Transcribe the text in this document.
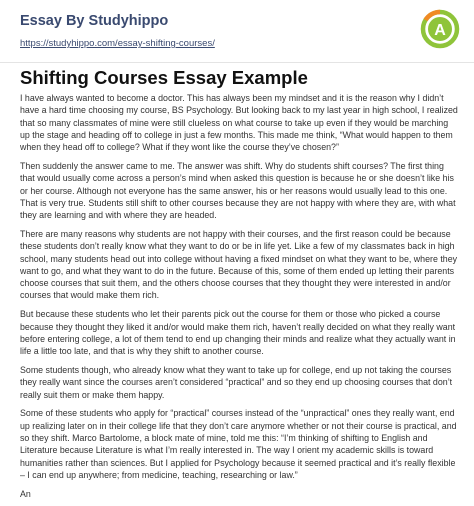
Essay By Studyhippo
https://studyhippo.com/essay-shifting-courses/
A
Shifting Courses Essay Example

I have always wanted to become a doctor. This has always been my mindset and it is the reason why I didn’t have a hard time choosing my course, BS Psychology. But looking back to my last year in high school, I realized that so many classmates of mine were still clueless on what course to take up even if they would be marching up the stage and heading off to college in just a few months. This made me think, “What would happen to them when they head off to college? What if they wont like the course they’ve chosen?”

Then suddenly the answer came to me. The answer was shift. Why do students shift courses? The first thing that would usually come across a person’s mind when asked this question is because he or she doesn’t like his or her course. Although not everyone has the same answer, his or her reasons would usually lead to this one. That is very true. Students still shift to other courses because they are not happy with where they are, with what they are learning and with where they are headed.

There are many reasons why students are not happy with their courses, and the first reason could be because these students don’t really know what they want to do or be in life yet. Like a few of my classmates back in high school, many students head out into college without having a fixed mindset on what they want to be, where they want to go, and what they want to do in the future. Because of this, some of them ended up letting their parents choose courses that suit them, and the others choose courses that they thought they were interested in and/or courses that would make them rich.

But because these students who let their parents pick out the course for them or those who picked a course because they thought they liked it and/or would make them rich, haven’t really decided on what they really want before entering college, a lot of them tend to end up changing their minds and realize what they actually want in life a little too late, and that is why they shift to another course.

Some students though, who already know what they want to take up for college, end up not taking the courses they really want since the courses aren’t considered “practical” and so they end up choosing courses that don’t really suit them or make them happy.

Some of these students who apply for “practical” courses instead of the “unpractical” ones they really want, end up realizing later on in their college life that they don’t care anymore whether or not their course is practical, and so they shift. Marco Bartolome, a block mate of mine, told me this: “I’m thinking of shifting to English and Literature because Literature is what I’m really interested in. The way I orient my academic skills is toward humanities rather than sciences. But I applied for Psychology because it seemed practical and it’s really flexible – I can end up anywhere; from medicine, teaching, researching or law.”

An
